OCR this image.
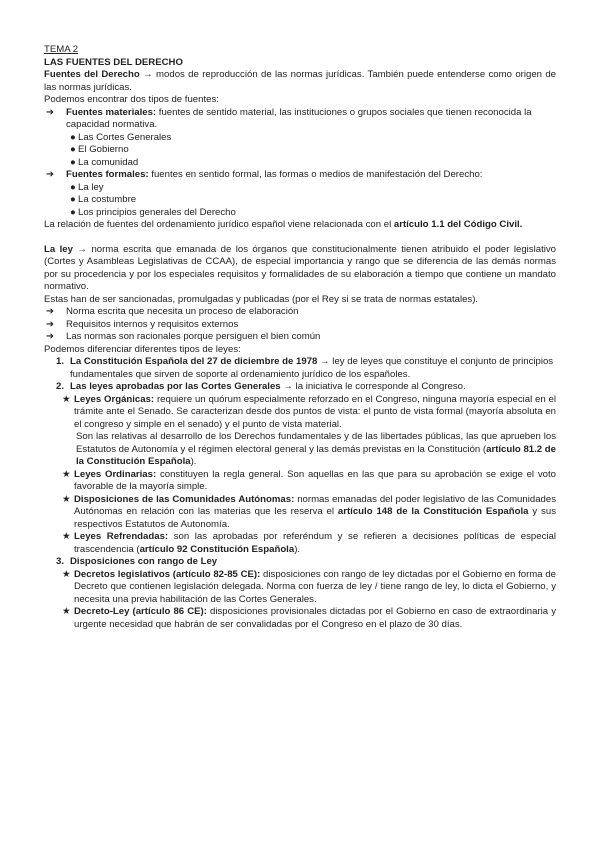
TEMA 2

LAS FUENTES DEL DERECHO

Fuentes del Derecho → modos de reproducción de las normas jurídicas. También puede entenderse como origen de las normas jurídicas.

Podemos encontrar dos tipos de fuentes:

➔	Fuentes materiales: fuentes de sentido material, las instituciones o grupos sociales que tienen reconocida la capacidad normativa.
● Las Cortes Generales
● El Gobierno
● La comunidad
➔	Fuentes formales: fuentes en sentido formal, las formas o medios de manifestación del Derecho:
● La ley
● La costumbre
● Los principios generales del Derecho

La relación de fuentes del ordenamiento jurídico español viene relacionada con el artículo 1.1 del Código Civil.

La ley → norma escrita que emanada de los órganos que constitucionalmente tienen atribuido el poder legislativo (Cortes y Asambleas Legislativas de CCAA), de especial importancia y rango que se diferencia de las demás normas por su procedencia y por los especiales requisitos y formalidades de su elaboración a tiempo que contiene un mandato normativo.

Estas han de ser sancionadas, promulgadas y publicadas (por el Rey si se trata de normas estatales).

➔	Norma escrita que necesita un proceso de elaboración
➔	Requisitos internos y requisitos externos
➔	Las normas son racionales porque persiguen el bien común

Podemos diferenciar diferentes tipos de leyes:

1. La Constitución Española del 27 de diciembre de 1978 → ley de leyes que constituye el conjunto de principios fundamentales que sirven de soporte al ordenamiento jurídico de los españoles.
2. Las leyes aprobadas por las Cortes Generales → la iniciativa le corresponde al Congreso.
★ Leyes Orgánicas: requiere un quórum especialmente reforzado en el Congreso, ninguna mayoría especial en el trámite ante el Senado. Se caracterizan desde dos puntos de vista: el punto de vista formal (mayoría absoluta en el congreso y simple en el senado) y el punto de vista material.

Son las relativas al desarrollo de los Derechos fundamentales y de las libertades públicas, las que aprueben los Estatutos de Autonomía y el régimen electoral general y las demás previstas en la Constitución (artículo 81.2 de la Constitución Española).

★ Leyes Ordinarias: constituyen la regla general. Son aquellas en las que para su aprobación se exige el voto favorable de la mayoría simple.
★ Disposiciones de las Comunidades Autónomas: normas emanadas del poder legislativo de las Comunidades Autónomas en relación con las materias que les reserva el artículo 148 de la Constitución Española y sus respectivos Estatutos de Autonomía.
★ Leyes Refrendadas: son las aprobadas por referéndum y se refieren a decisiones políticas de especial trascendencia (artículo 92 Constitución Española).
3. Disposiciones con rango de Ley
★ Decretos legislativos (artículo 82-85 CE): disposiciones con rango de ley dictadas por el Gobierno en forma de Decreto que contienen legislación delegada. Norma con fuerza de ley / tiene rango de ley, lo dicta el Gobierno, y necesita una previa habilitación de las Cortes Generales.
★ Decreto-Ley (artículo 86 CE): disposiciones provisionales dictadas por el Gobierno en caso de extraordinaria y urgente necesidad que habrán de ser convalidadas por el Congreso en el plazo de 30 días.
